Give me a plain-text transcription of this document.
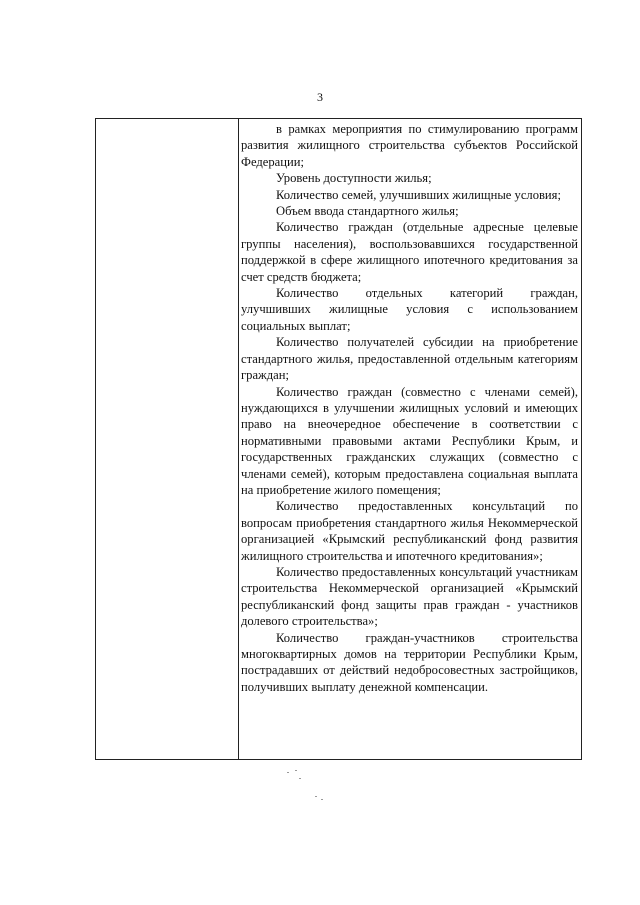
3

в рамках мероприятия по стимулированию программ развития жилищного строительства субъектов Российской Федерации;

Уровень доступности жилья;

Количество семей, улучшивших жилищные условия;

Объем ввода стандартного жилья;

Количество граждан (отдельные адресные целевые группы населения), воспользовавшихся государственной поддержкой в сфере жилищного ипотечного кредитования за счет средств бюджета;

Количество отдельных категорий граждан, улучшивших жилищные условия с использованием социальных выплат;

Количество получателей субсидии на приобретение стандартного жилья, предоставленной отдельным категориям граждан;

Количество граждан (совместно с членами семей), нуждающихся в улучшении жилищных условий и имеющих право на внеочередное обеспечение в соответствии с нормативными правовыми актами Республики Крым, и государственных гражданских служащих (совместно с членами семей), которым предоставлена социальная выплата на приобретение жилого помещения;

Количество предоставленных консультаций по вопросам приобретения стандартного жилья Некоммерческой организацией «Крымский республиканский фонд развития жилищного строительства и ипотечного кредитования»;

Количество предоставленных консультаций участникам строительства Некоммерческой организацией «Крымский республиканский фонд защиты прав граждан - участников долевого строительства»;

Количество граждан-участников строительства многоквартирных домов на территории Республики Крым, пострадавших от действий недобросовестных застройщиков, получивших выплату денежной компенсации.
